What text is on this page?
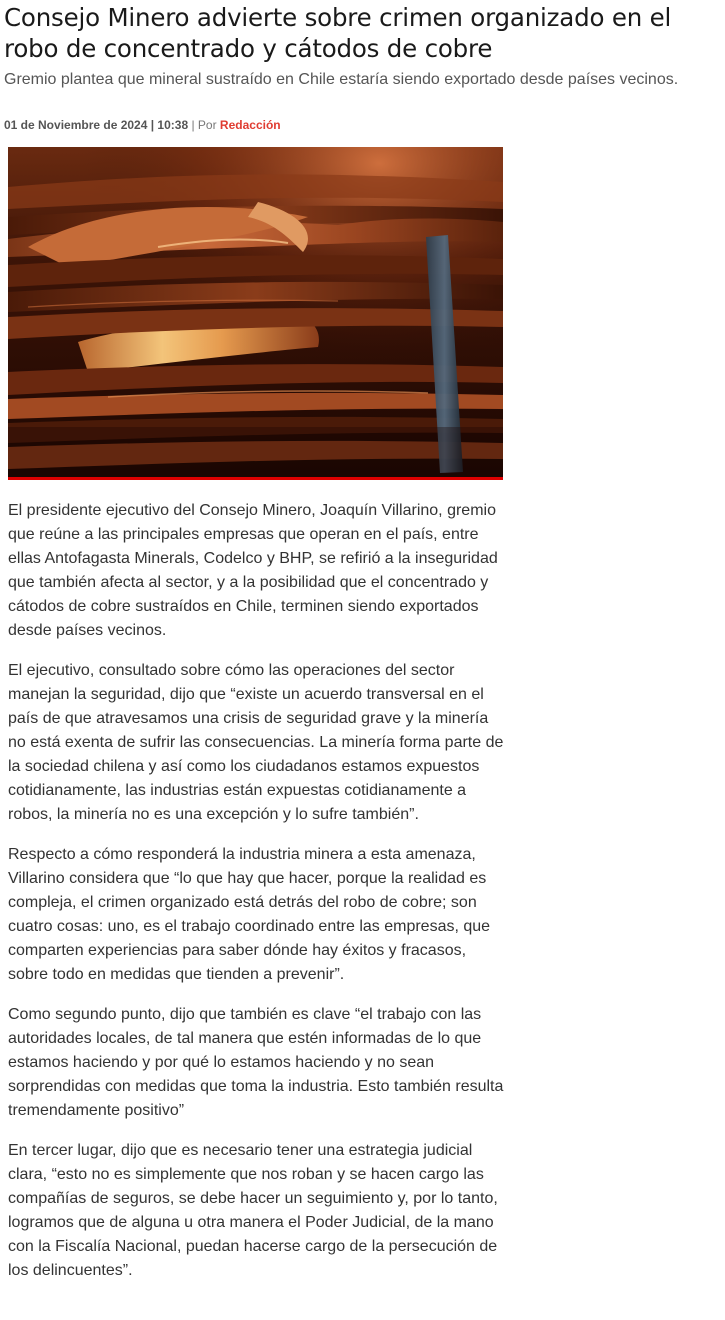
Consejo Minero advierte sobre crimen organizado en el robo de concentrado y cátodos de cobre

Gremio plantea que mineral sustraído en Chile estaría siendo exportado desde países vecinos.

01 de Noviembre de 2024 | 10:38 | Por Redacción

El presidente ejecutivo del Consejo Minero, Joaquín Villarino, gremio que reúne a las principales empresas que operan en el país, entre ellas Antofagasta Minerals, Codelco y BHP, se refirió a la inseguridad que también afecta al sector, y a la posibilidad que el concentrado y cátodos de cobre sustraídos en Chile, terminen siendo exportados desde países vecinos.

El ejecutivo, consultado sobre cómo las operaciones del sector manejan la seguridad, dijo que “existe un acuerdo transversal en el país de que atravesamos una crisis de seguridad grave y la minería no está exenta de sufrir las consecuencias. La minería forma parte de la sociedad chilena y así como los ciudadanos estamos expuestos cotidianamente, las industrias están expuestas cotidianamente a robos, la minería no es una excepción y lo sufre también”.

Respecto a cómo responderá la industria minera a esta amenaza, Villarino considera que “lo que hay que hacer, porque la realidad es compleja, el crimen organizado está detrás del robo de cobre; son cuatro cosas: uno, es el trabajo coordinado entre las empresas, que comparten experiencias para saber dónde hay éxitos y fracasos, sobre todo en medidas que tienden a prevenir”.

Como segundo punto, dijo que también es clave “el trabajo con las autoridades locales, de tal manera que estén informadas de lo que estamos haciendo y por qué lo estamos haciendo y no sean sorprendidas con medidas que toma la industria. Esto también resulta tremendamente positivo”

En tercer lugar, dijo que es necesario tener una estrategia judicial clara, “esto no es simplemente que nos roban y se hacen cargo las compañías de seguros, se debe hacer un seguimiento y, por lo tanto, logramos que de alguna u otra manera el Poder Judicial, de la mano con la Fiscalía Nacional, puedan hacerse cargo de la persecución de los delincuentes”.
